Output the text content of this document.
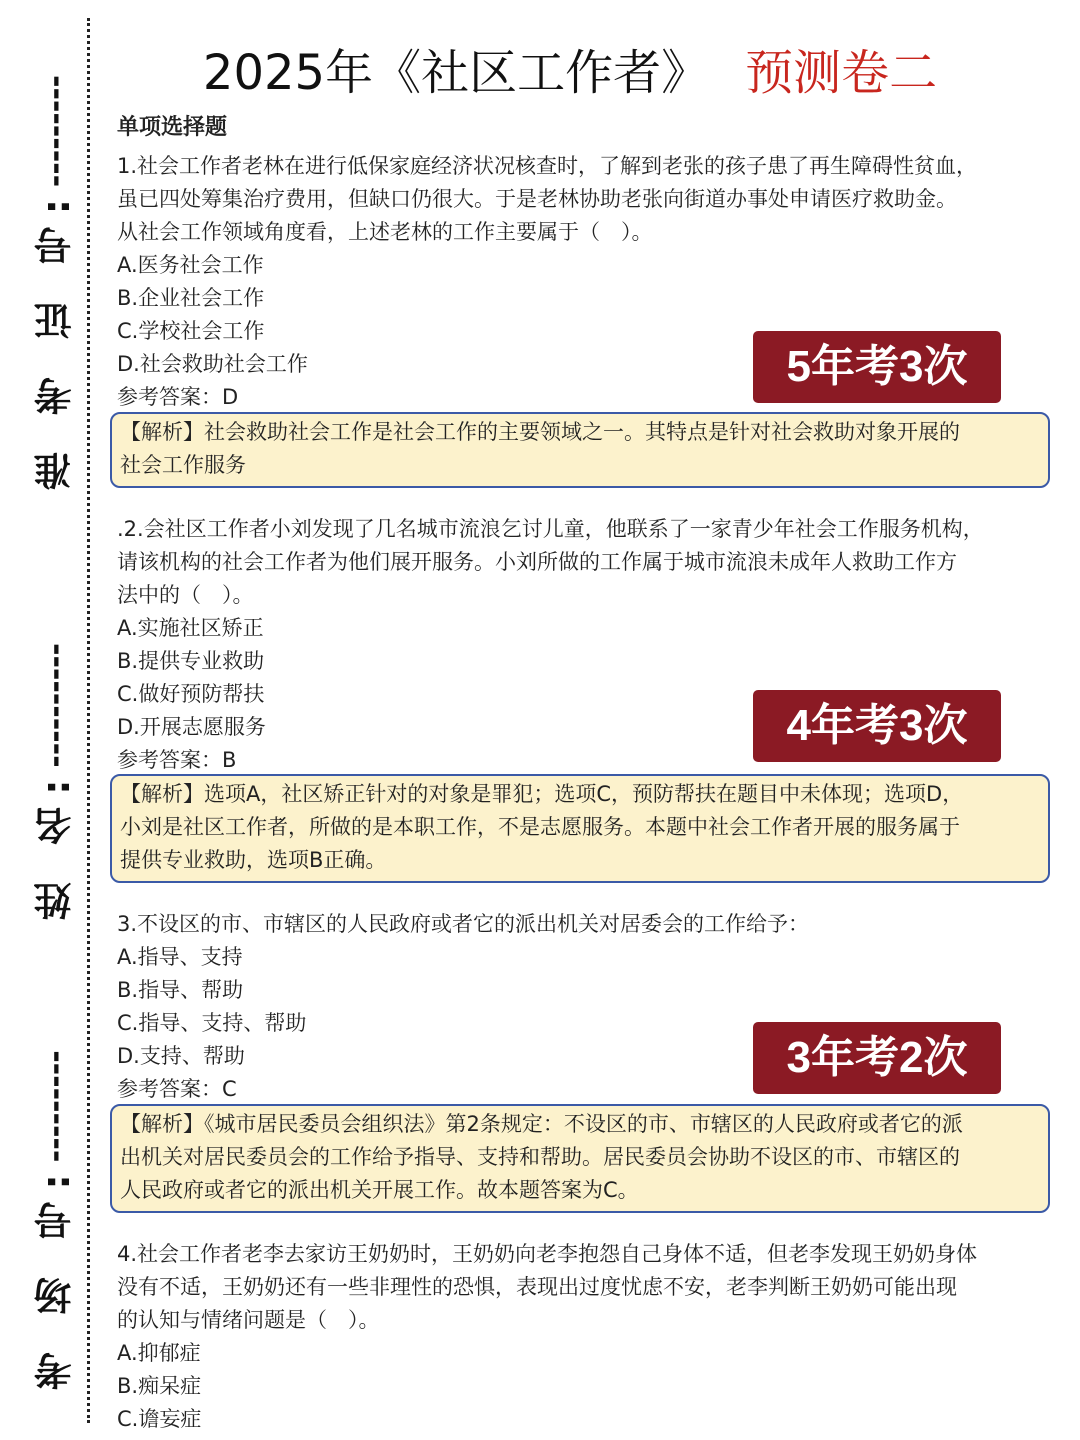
考 场 号:---------
姓 名:----------
准 考 证 号:---------
2025年《社区工作者》 预测卷二
单项选择题

1.社会工作者老林在进行低保家庭经济状况核查时，了解到老张的孩子患了再生障碍性贫血，

虽已四处筹集治疗费用，但缺口仍很大。于是老林协助老张向街道办事处申请医疗救助金。

从社会工作领域角度看，上述老林的工作主要属于（　）。

A.医务社会工作

B.企业社会工作

C.学校社会工作

D.社会救助社会工作

参考答案：D

5年考3次
【解析】社会救助社会工作是社会工作的主要领域之一。其特点是针对社会救助对象开展的
社会工作服务

.2.会社区工作者小刘发现了几名城市流浪乞讨儿童，他联系了一家青少年社会工作服务机构，

请该机构的社会工作者为他们展开服务。小刘所做的工作属于城市流浪未成年人救助工作方

法中的（　）。

A.实施社区矫正

B.提供专业救助

C.做好预防帮扶

D.开展志愿服务

参考答案：B

4年考3次
【解析】选项A，社区矫正针对的对象是罪犯；选项C，预防帮扶在题目中未体现；选项D，
小刘是社区工作者，所做的是本职工作，不是志愿服务。本题中社会工作者开展的服务属于
提供专业救助，选项B正确。

3.不设区的市、市辖区的人民政府或者它的派出机关对居委会的工作给予：

A.指导、支持

B.指导、帮助

C.指导、支持、帮助

D.支持、帮助

参考答案：C

3年考2次
【解析】《城市居民委员会组织法》第2条规定：不设区的市、市辖区的人民政府或者它的派
出机关对居民委员会的工作给予指导、支持和帮助。居民委员会协助不设区的市、市辖区的
人民政府或者它的派出机关开展工作。故本题答案为C。

4.社会工作者老李去家访王奶奶时，王奶奶向老李抱怨自己身体不适，但老李发现王奶奶身体

没有不适，王奶奶还有一些非理性的恐惧，表现出过度忧虑不安，老李判断王奶奶可能出现

的认知与情绪问题是（　）。

A.抑郁症

B.痴呆症

C.谵妄症
